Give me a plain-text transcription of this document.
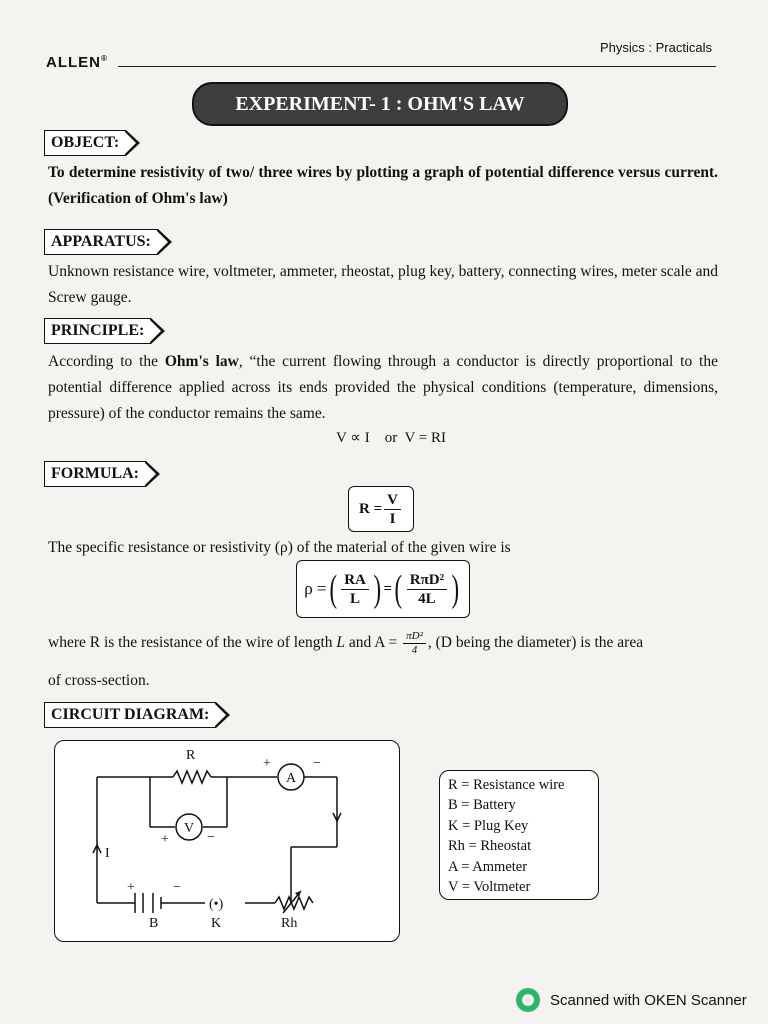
ALLEN®
Physics : Practicals
EXPERIMENT- 1 : OHM'S LAW
OBJECT:
To determine resistivity of two/ three wires by plotting a graph of potential difference versus current. (Verification of Ohm's law)
APPARATUS:
Unknown resistance wire, voltmeter, ammeter, rheostat, plug key, battery, connecting wires, meter scale and Screw gauge.
PRINCIPLE:
According to the Ohm's law, “the current flowing through a conductor is directly proportional to the potential difference applied across its ends provided the physical conditions (temperature, dimensions, pressure) of the conductor remains the same.
V ∝ I    or  V = RI
FORMULA:
$R = \frac{V}{I}$
The specific resistance or resistivity (ρ) of the material of the given wire is
ρ = ( $\frac{RA}{L}$ ) = ( $\frac{\text{RπD²}}{4L}$ )
where R is the resistance of the wire of length L and $A = \frac{\text{πD²}}{4}$ , (D being the diameter) is the area
of cross-section.
CIRCUIT DIAGRAM:
R
A
+	−
V
+	−
I
+	−
B
(•)
K	Rh
R = Resistance wire
B = Battery
K = Plug Key
Rh = Rheostat
A = Ammeter
V = Voltmeter
Scanned with OKEN Scanner
